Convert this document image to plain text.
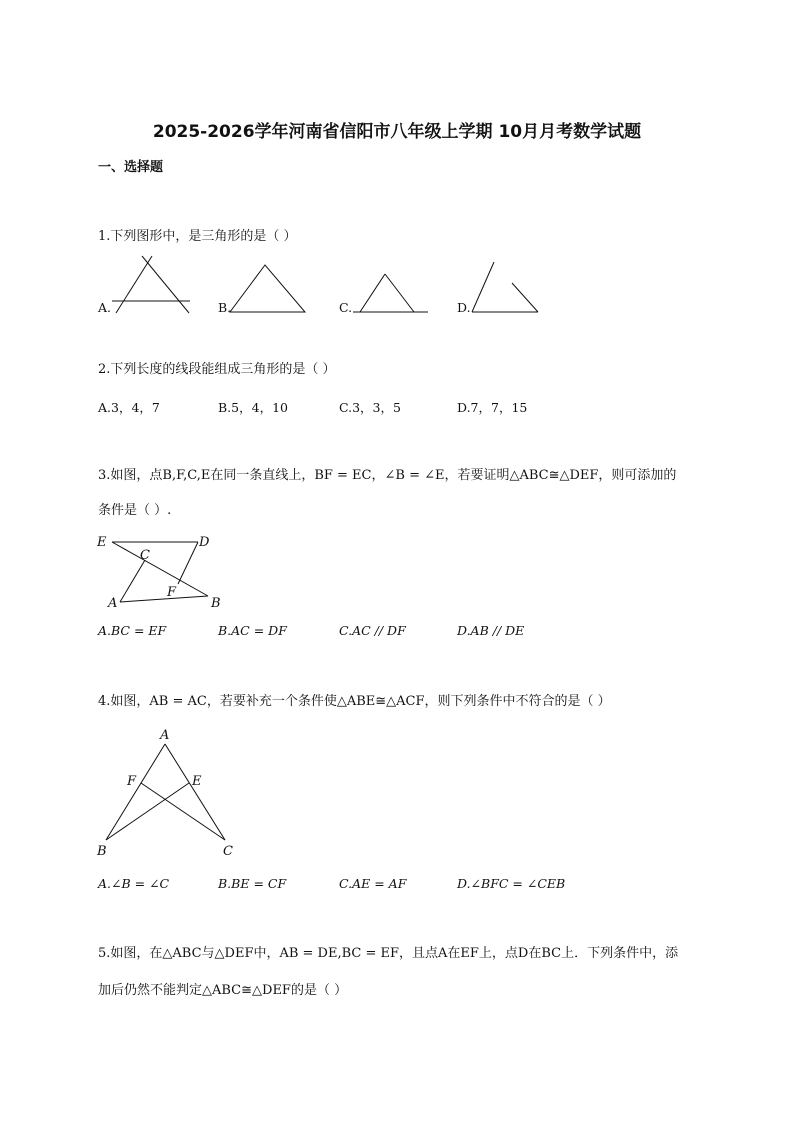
2025-2026学年河南省信阳市八年级上学期 10月月考数学试题
一、选择题
1.下列图形中，是三角形的是（ ）
A.	B.	C.	D.
2.下列长度的线段能组成三角形的是（ ）
A.3，4，7	B.5，4，10	C.3，3，5	D.7，7，15
3.如图，点B,F,C,E在同一条直线上，BF = EC，∠B = ∠E，若要证明△ABC≅△DEF，则可添加的
条件是（ ）.
E
C
D
F
A	B
A.BC = EF	B.AC = DF	C.AC // DF	D.AB // DE
4.如图，AB = AC，若要补充一个条件使△ABE≅△ACF，则下列条件中不符合的是（ ）
A
F	E
B	C
A.∠B = ∠C	B.BE = CF	C.AE = AF	D.∠BFC = ∠CEB
5.如图，在△ABC与△DEF中，AB = DE,BC = EF，且点A在EF上，点D在BC上．下列条件中，添
加后仍然不能判定△ABC≅△DEF的是（ ）
